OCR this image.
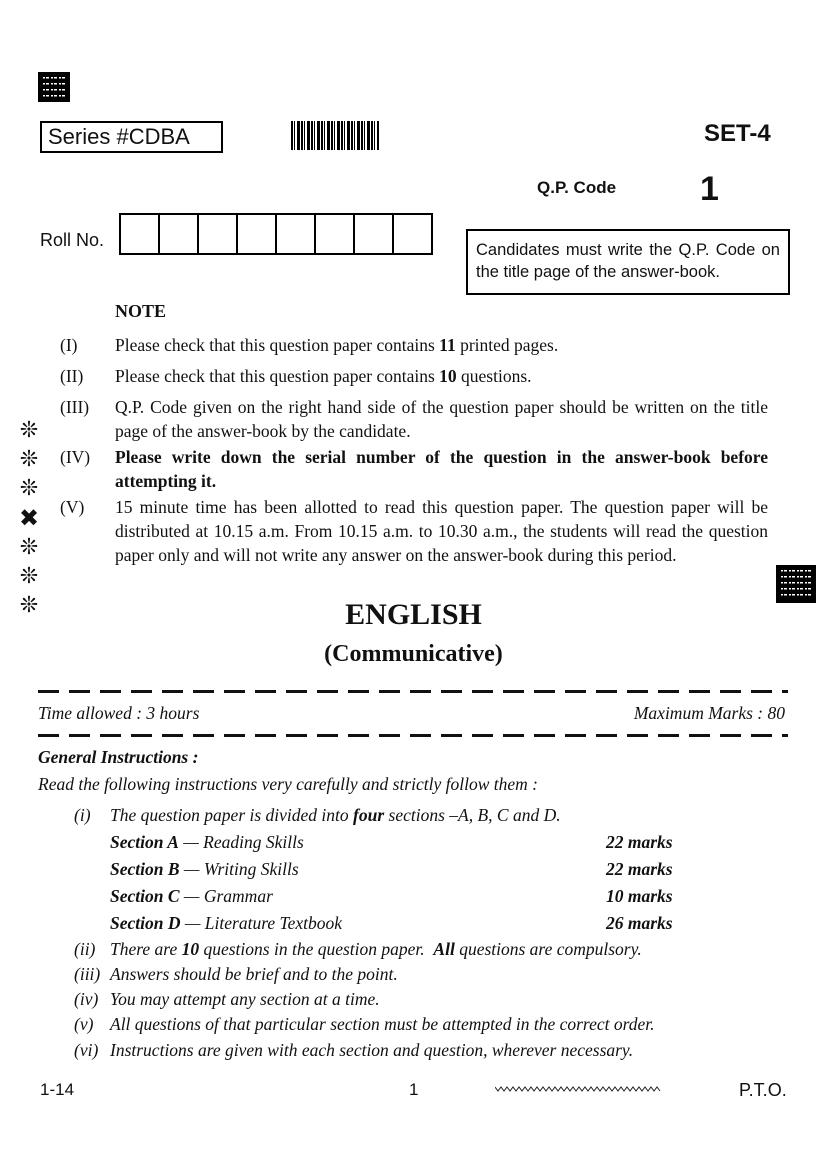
Series #CDBA	SET-4
Q.P. Code 1
Roll No.	Candidates must write the Q.P. Code on the title page of the answer-book.
NOTE
(I) Please check that this question paper contains 11 printed pages.
(II) Please check that this question paper contains 10 questions.
(III) Q.P. Code given on the right hand side of the question paper should be written on the title page of the answer-book by the candidate.
(IV) Please write down the serial number of the question in the answer-book before attempting it.
(V) 15 minute time has been allotted to read this question paper. The question paper will be distributed at 10.15 a.m. From 10.15 a.m. to 10.30 a.m., the students will read the question paper only and will not write any answer on the answer-book during this period.
❊
❊
❊
✖
❊
❊
❊	ENGLISH
(Communicative)
Time allowed : 3 hours	Maximum Marks : 80
General Instructions :
Read the following instructions very carefully and strictly follow them :
(i) The question paper is divided into four sections –A, B, C and D.
Section A — Reading Skills	22 marks
Section B — Writing Skills	22 marks
Section C — Grammar	10 marks
Section D — Literature Textbook	26 marks
(ii) There are 10 questions in the question paper.  All questions are compulsory.
(iii) Answers should be brief and to the point.
(iv) You may attempt any section at a time.
(v) All questions of that particular section must be attempted in the correct order.
(vi) Instructions are given with each section and question, wherever necessary.
1-14	1	P.T.O.
